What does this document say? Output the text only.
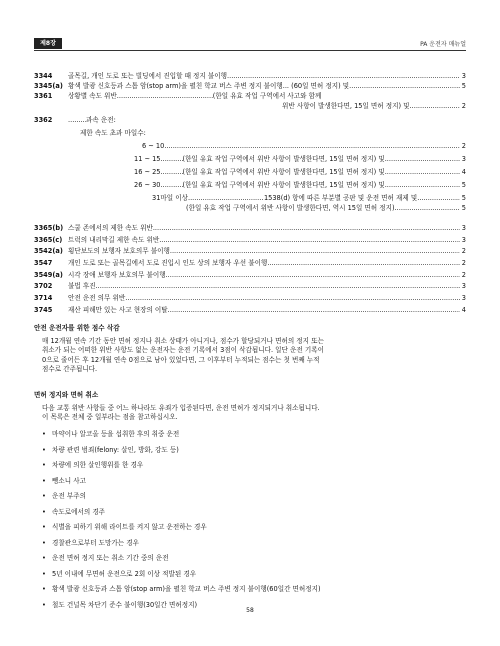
제8장	PA 운전자 매뉴얼
3344	골목길, 개인 도로 또는 빌딩에서 진입할 때 정지 불이행 .....	3
3345(a) 황색 발광 신호등과 스톱 암(stop arm)을 펼친 학교 버스 주변 정지 불이행... (60일 면허 정지) 및 .....	5
3361	상황별 속도 위반 .....	(한일 유효 작업 구역에서 사고와 함께
위반 사항이 발생한다면, 15일 면허 정지) 및 .....	2
3362 .....	과속 운전:
제한 속도 초과 마일수:
6 ~ 10 .....	2
11 ~ 15 .....	(한일 유효 작업 구역에서 위반 사항이 발생한다면, 15일 면허 정지) 및 .....	3
16 ~ 25 .....	(한일 유효 작업 구역에서 위반 사항이 발생한다면, 15일 면허 정지) 및 .....	4
26 ~ 30 .....	(한일 유효 작업 구역에서 위반 사항이 발생한다면, 15일 면허 정지) 및 .....	5
31마일 이상 .....	1538(d) 항에 따른 부분별 공판 및 운전 면허 재제 및 .....	5
(한일 유효 작업 구역에서 위반 사항이 발생한다면, 역시 15일 면허 정지) .....	5
3365(b) 스쿨 존에서의 제한 속도 위반 .....	3
3365(c) 트럭의 내리막길 제한 속도 위반 .....	3
3542(a) 횡단보도의 보행자 보호의무 불이행 .....	2
3547	개인 도로 또는 골목길에서 도로 진입시 인도 상의 보행자 우선 불이행 .....	2
3549(a) 시각 장애 보행자 보호의무 불이행 .....	2
3702	불법 후진 .....	3
3714	안전 운전 의무 위반 .....	3
3745	재산 피해만 있는 사고 현장의 이탈 .....	4
안전 운전자를 위한 점수 삭감
매 12개월 연속 기간 동안 면허 정지나 취소 상태가 아니거나, 점수가 할당되거나 면허의 정지 또는
취소가 되는 어떠한 위반 사항도 없는 운전자는 운전 기록에서 3점이 삭감됩니다. 일단 운전 기록이
0으로 줄어든 후 12개월 연속 0점으로 남아 있었다면, 그 이후부터 누적되는 점수는 첫 번째 누적
점수로 간주됩니다.
면허 정지와 면허 취소
다음 교통 위반 사항들 중 어느 하나라도 유죄가 입증된다면, 운전 면허가 정지되거나 취소됩니다.
이 목록은 전체 중 일부라는 점을 참고하십시오.
• 마약이나 알코올 등을 섭취한 후의 취중 운전
• 차량 관련 범죄(felony: 살인, 방화, 강도 등)
• 차량에 의한 살인행위를 한 경우
• 뺑소니 사고
• 운전 부주의
• 속도로에서의 경주
• 식별을 피하기 위해 라이트를 켜지 않고 운전하는 경우
• 경찰관으로부터 도망가는 경우
• 운전 면허 정지 또는 취소 기간 중의 운전
• 5년 이내에 무면허 운전으로 2회 이상 적발된 경우
• 황색 발광 신호등과 스톱 암(stop arm)을 펼친 학교 버스 주변 정지 불이행(60일간 면허정지)
• 철도 건널목 차단기 준수 불이행(30일간 면허정지)
58
